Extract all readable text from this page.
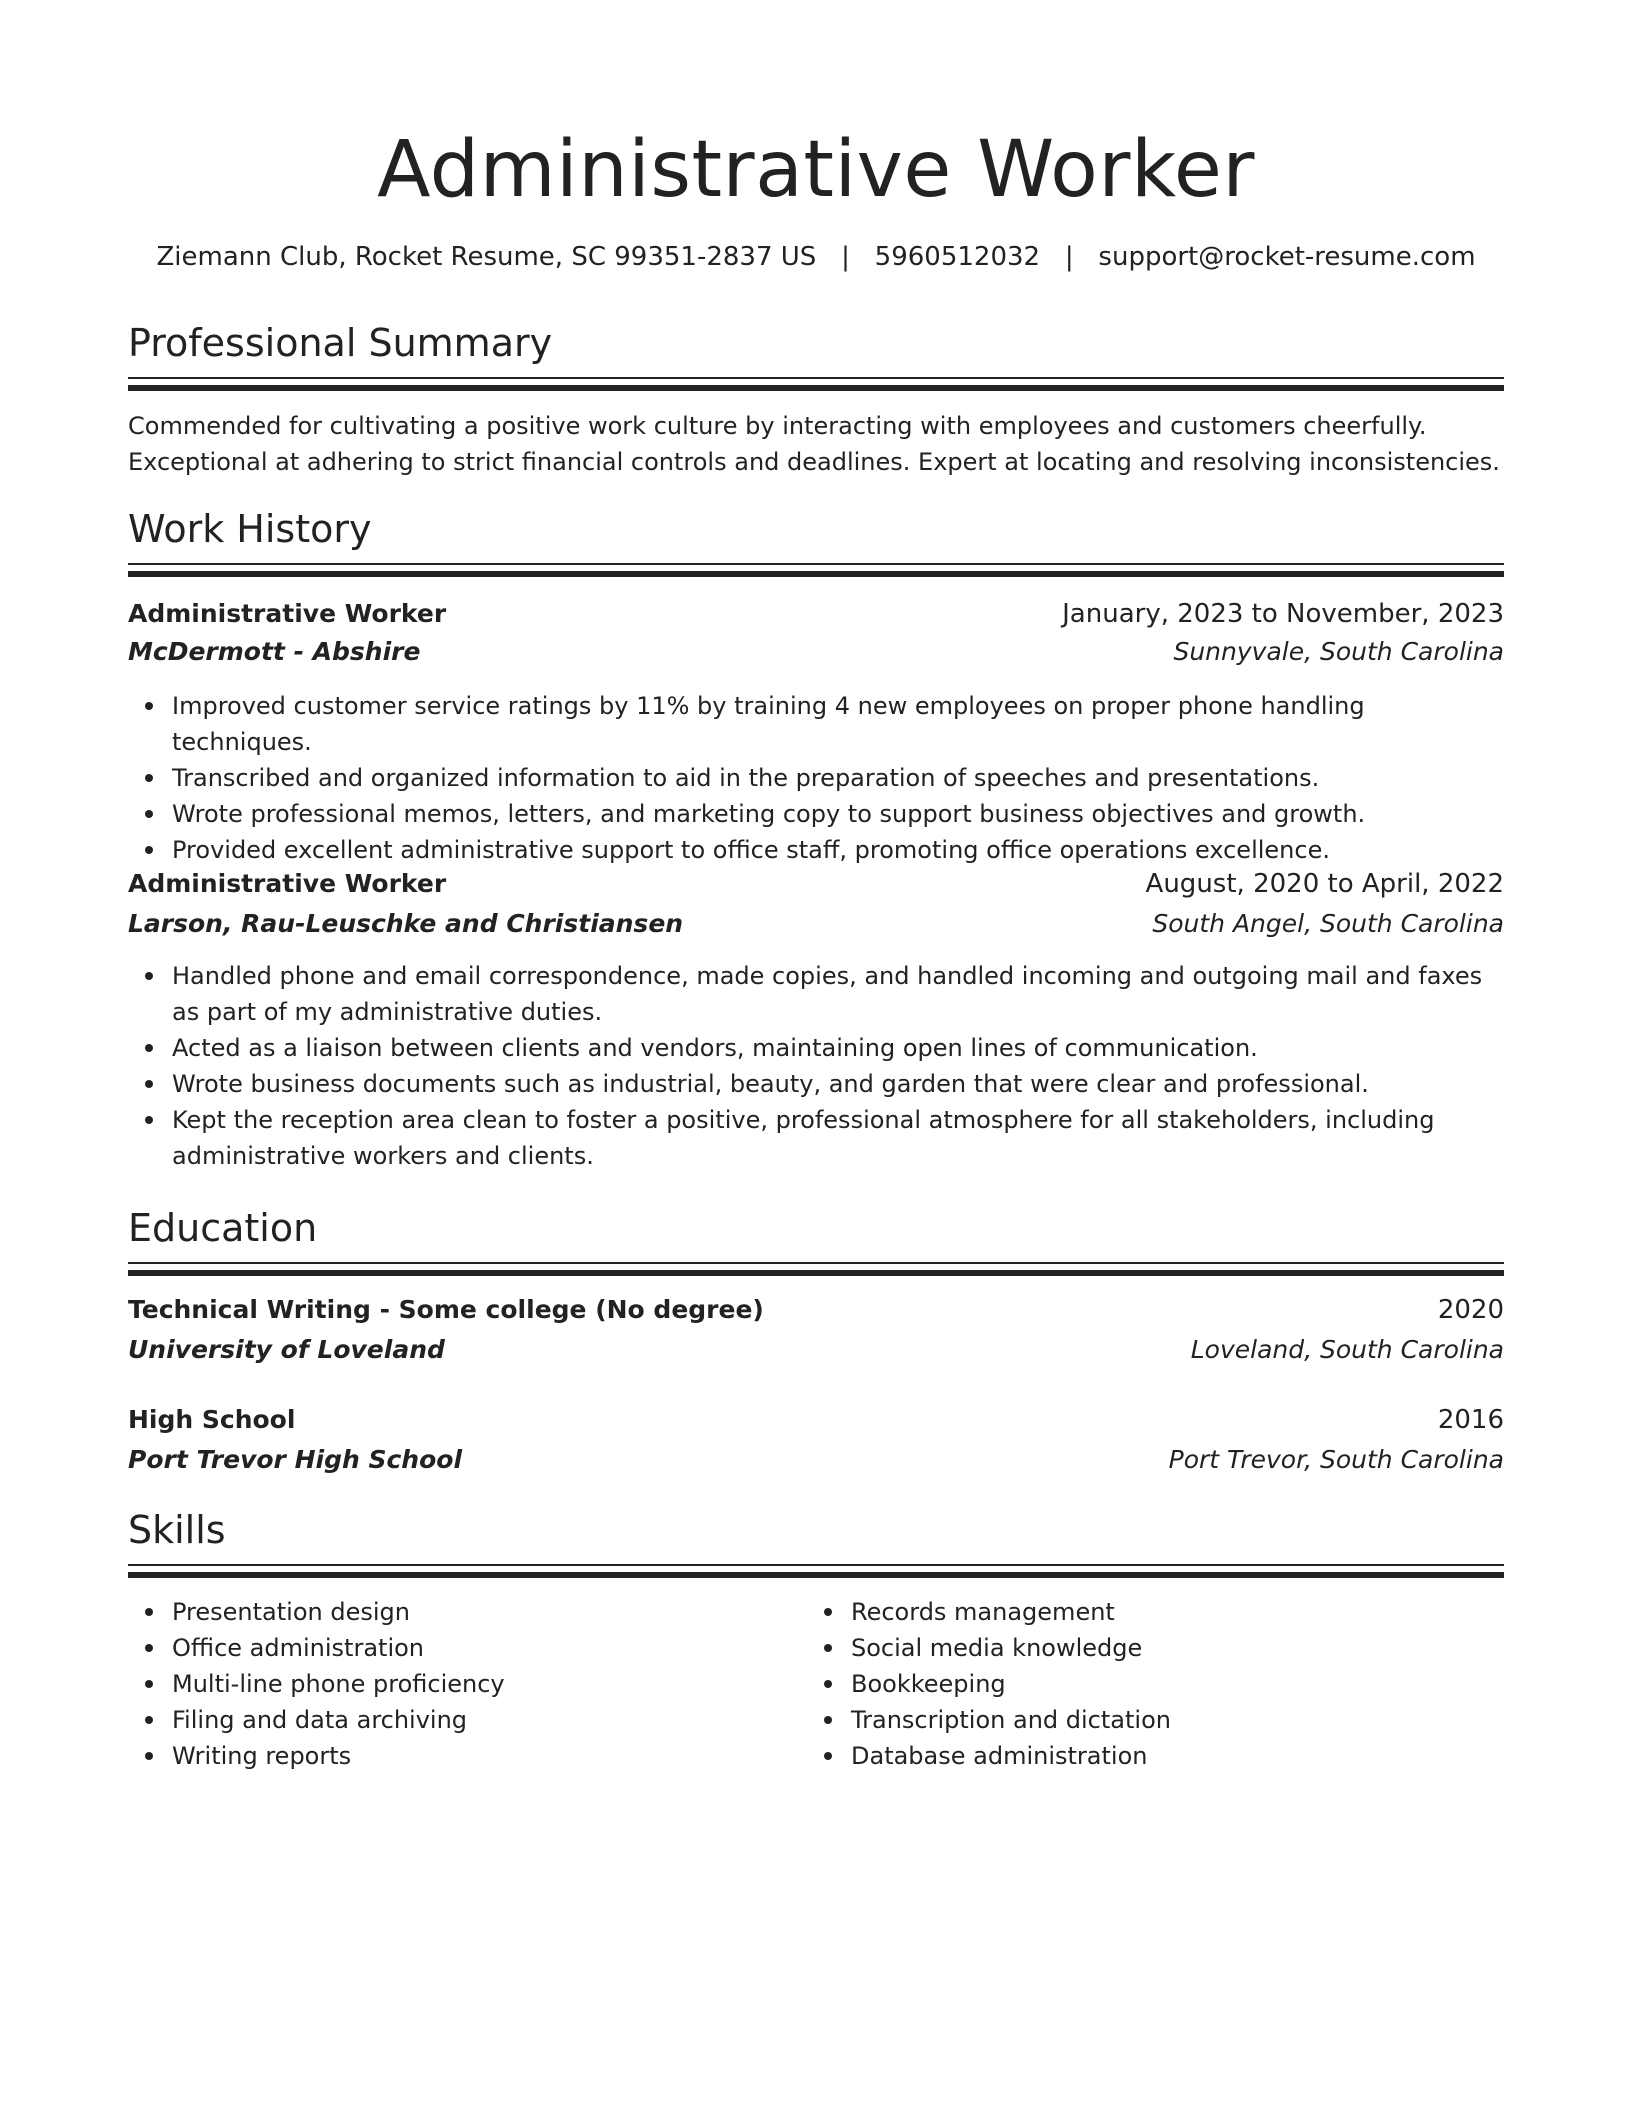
Administrative Worker
Ziemann Club, Rocket Resume, SC 99351-2837 US   |   5960512032   |   support@rocket-resume.com
Professional Summary
Commended for cultivating a positive work culture by interacting with employees and customers cheerfully. Exceptional at adhering to strict financial controls and deadlines. Expert at locating and resolving inconsistencies.
Work History
Administrative Worker	January, 2023 to November, 2023
McDermott - Abshire	Sunnyvale, South Carolina
Improved customer service ratings by 11% by training 4 new employees on proper phone handling techniques.
Transcribed and organized information to aid in the preparation of speeches and presentations.
Wrote professional memos, letters, and marketing copy to support business objectives and growth.
Provided excellent administrative support to office staff, promoting office operations excellence.
Administrative Worker	August, 2020 to April, 2022
Larson, Rau-Leuschke and Christiansen	South Angel, South Carolina
Handled phone and email correspondence, made copies, and handled incoming and outgoing mail and faxes as part of my administrative duties.
Acted as a liaison between clients and vendors, maintaining open lines of communication.
Wrote business documents such as industrial, beauty, and garden that were clear and professional.
Kept the reception area clean to foster a positive, professional atmosphere for all stakeholders, including administrative workers and clients.
Education
Technical Writing - Some college (No degree)	2020
University of Loveland	Loveland, South Carolina
High School	2016
Port Trevor High School	Port Trevor, South Carolina
Skills
Presentation design
Office administration
Multi-line phone proficiency
Filing and data archiving
Writing reports
Records management
Social media knowledge
Bookkeeping
Transcription and dictation
Database administration
